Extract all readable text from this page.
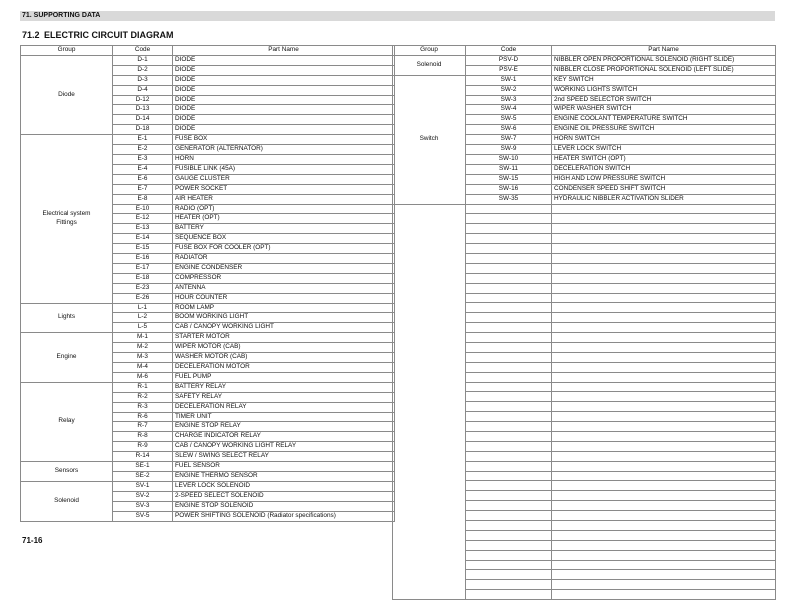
71. SUPPORTING DATA
71.2 ELECTRIC CIRCUIT DIAGRAM
Group	Code	Part Name
Diode	D-1	DIODE
	D-2	DIODE
	D-3	DIODE
	D-4	DIODE
	D-12	DIODE
	D-13	DIODE
	D-14	DIODE
	D-18	DIODE
Electrical system
Fittings	E-1	FUSE BOX
	E-2	GENERATOR (ALTERNATOR)
	E-3	HORN
	E-4	FUSIBLE LINK (45A)
	E-6	GAUGE CLUSTER
	E-7	POWER SOCKET
	E-8	AIR HEATER
	E-10	RADIO (OPT)
	E-12	HEATER (OPT)
	E-13	BATTERY
	E-14	SEQUENCE BOX
	E-15	FUSE BOX FOR COOLER (OPT)
	E-16	RADIATOR
	E-17	ENGINE CONDENSER
	E-18	COMPRESSOR
	E-23	ANTENNA
	E-26	HOUR COUNTER
Lights	L-1	ROOM LAMP
	L-2	BOOM WORKING LIGHT
	L-5	CAB / CANOPY WORKING LIGHT
Engine	M-1	STARTER MOTOR
	M-2	WIPER MOTOR (CAB)
	M-3	WASHER MOTOR (CAB)
	M-4	DECELERATION MOTOR
	M-6	FUEL PUMP
Relay	R-1	BATTERY RELAY
	R-2	SAFETY RELAY
	R-3	DECELERATION RELAY
	R-6	TIMER UNIT
	R-7	ENGINE STOP RELAY
	R-8	CHARGE INDICATOR RELAY
	R-9	CAB / CANOPY WORKING LIGHT RELAY
	R-14	SLEW / SWING SELECT RELAY
Sensors	SE-1	FUEL SENSOR
	SE-2	ENGINE THERMO SENSOR
Solenoid	SV-1	LEVER LOCK SOLENOID
	SV-2	2-SPEED SELECT SOLENOID
	SV-3	ENGINE STOP SOLENOID
	SV-5	POWER SHIFTING SOLENOID (Radiator specifications)
Group	Code	Part Name
Solenoid	PSV-D	NIBBLER OPEN PROPORTIONAL SOLENOID (RIGHT SLIDE)
	PSV-E	NIBBLER CLOSE PROPORTIONAL SOLENOID (LEFT SLIDE)
Switch	SW-1	KEY SWITCH
	SW-2	WORKING LIGHTS SWITCH
	SW-3	2nd SPEED SELECTOR SWITCH
	SW-4	WIPER WASHER SWITCH
	SW-5	ENGINE COOLANT TEMPERATURE SWITCH
	SW-6	ENGINE OIL PRESSURE SWITCH
	SW-7	HORN SWITCH
	SW-9	LEVER LOCK SWITCH
	SW-10	HEATER SWITCH (OPT)
	SW-11	DECELERATION SWITCH
	SW-15	HIGH AND LOW PRESSURE SWITCH
	SW-16	CONDENSER SPEED SHIFT SWITCH
	SW-35	HYDRAULIC NIBBLER ACTIVATION SLIDER

71-16
